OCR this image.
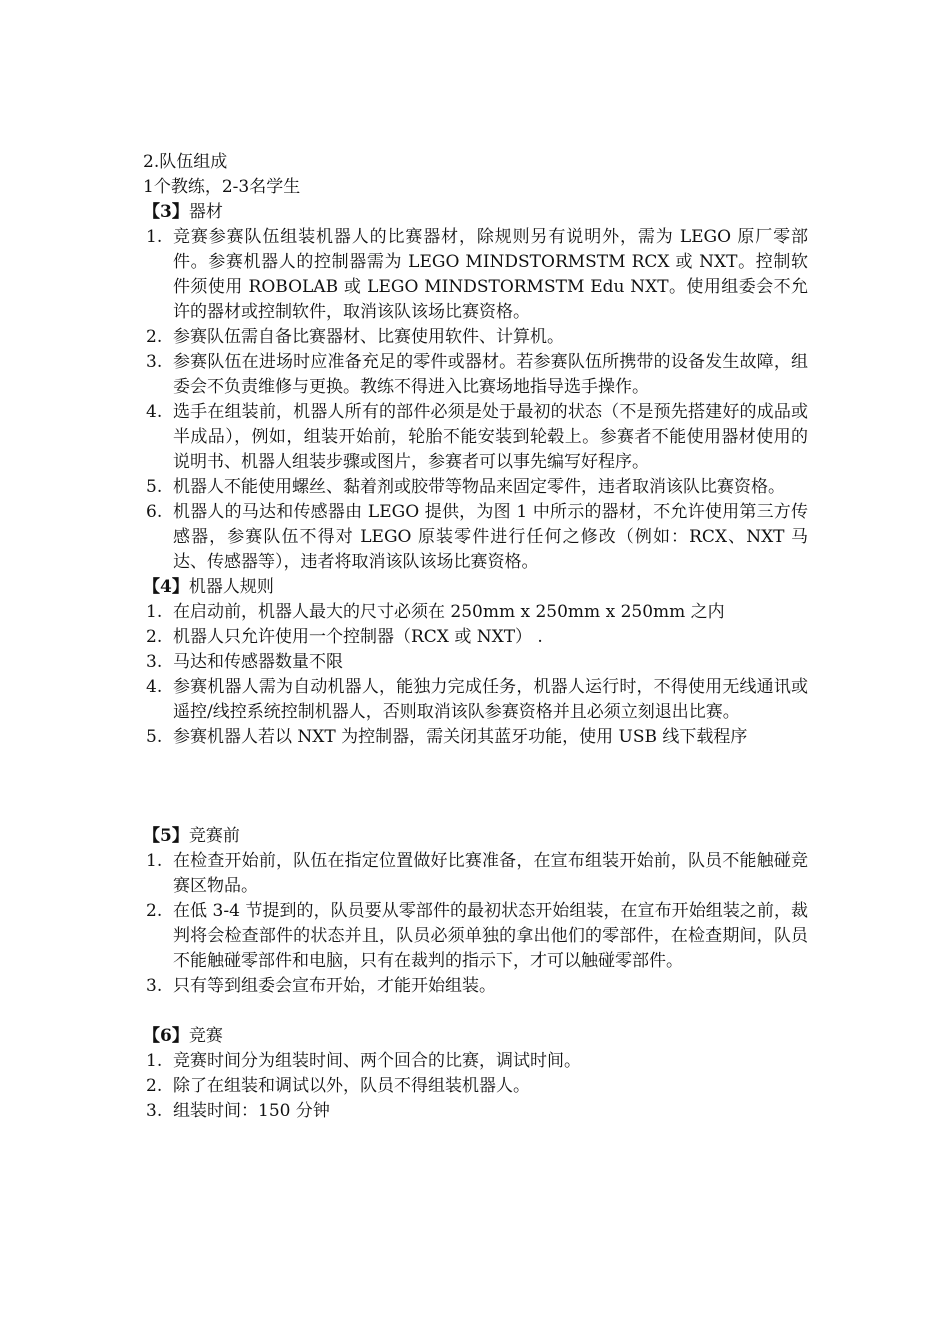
2.队伍组成
1个教练，2-3名学生
【3】器材
1. 竞赛参赛队伍组装机器人的比赛器材，除规则另有说明外，需为 LEGO 原厂零部件。参赛机器人的控制器需为 LEGO MINDSTORMSTM RCX 或 NXT。控制软件须使用 ROBOLAB 或 LEGO MINDSTORMSTM Edu NXT。使用组委会不允许的器材或控制软件，取消该队该场比赛资格。
2. 参赛队伍需自备比赛器材、比赛使用软件、计算机。
3. 参赛队伍在进场时应准备充足的零件或器材。若参赛队伍所携带的设备发生故障，组委会不负责维修与更换。教练不得进入比赛场地指导选手操作。
4. 选手在组装前，机器人所有的部件必须是处于最初的状态（不是预先搭建好的成品或半成品），例如，组装开始前，轮胎不能安装到轮毂上。参赛者不能使用器材使用的说明书、机器人组装步骤或图片，参赛者可以事先编写好程序。
5. 机器人不能使用螺丝、黏着剂或胶带等物品来固定零件，违者取消该队比赛资格。
6. 机器人的马达和传感器由 LEGO 提供，为图 1 中所示的器材，不允许使用第三方传感器，参赛队伍不得对 LEGO 原装零件进行任何之修改（例如：RCX、NXT 马达、传感器等），违者将取消该队该场比赛资格。
【4】机器人规则
1. 在启动前，机器人最大的尺寸必须在 250mm x 250mm x 250mm 之内
2. 机器人只允许使用一个控制器（RCX 或 NXT） .
3. 马达和传感器数量不限
4. 参赛机器人需为自动机器人，能独力完成任务，机器人运行时，不得使用无线通讯或遥控/线控系统控制机器人，否则取消该队参赛资格并且必须立刻退出比赛。
5. 参赛机器人若以 NXT 为控制器，需关闭其蓝牙功能，使用 USB 线下载程序
【5】竞赛前
1. 在检查开始前，队伍在指定位置做好比赛准备，在宣布组装开始前，队员不能触碰竞赛区物品。
2. 在低 3-4 节提到的，队员要从零部件的最初状态开始组装，在宣布开始组装之前，裁判将会检查部件的状态并且，队员必须单独的拿出他们的零部件，在检查期间，队员不能触碰零部件和电脑，只有在裁判的指示下，才可以触碰零部件。
3. 只有等到组委会宣布开始，才能开始组装。
【6】竞赛
1. 竞赛时间分为组装时间、两个回合的比赛，调试时间。
2. 除了在组装和调试以外，队员不得组装机器人。
3. 组装时间：150 分钟
